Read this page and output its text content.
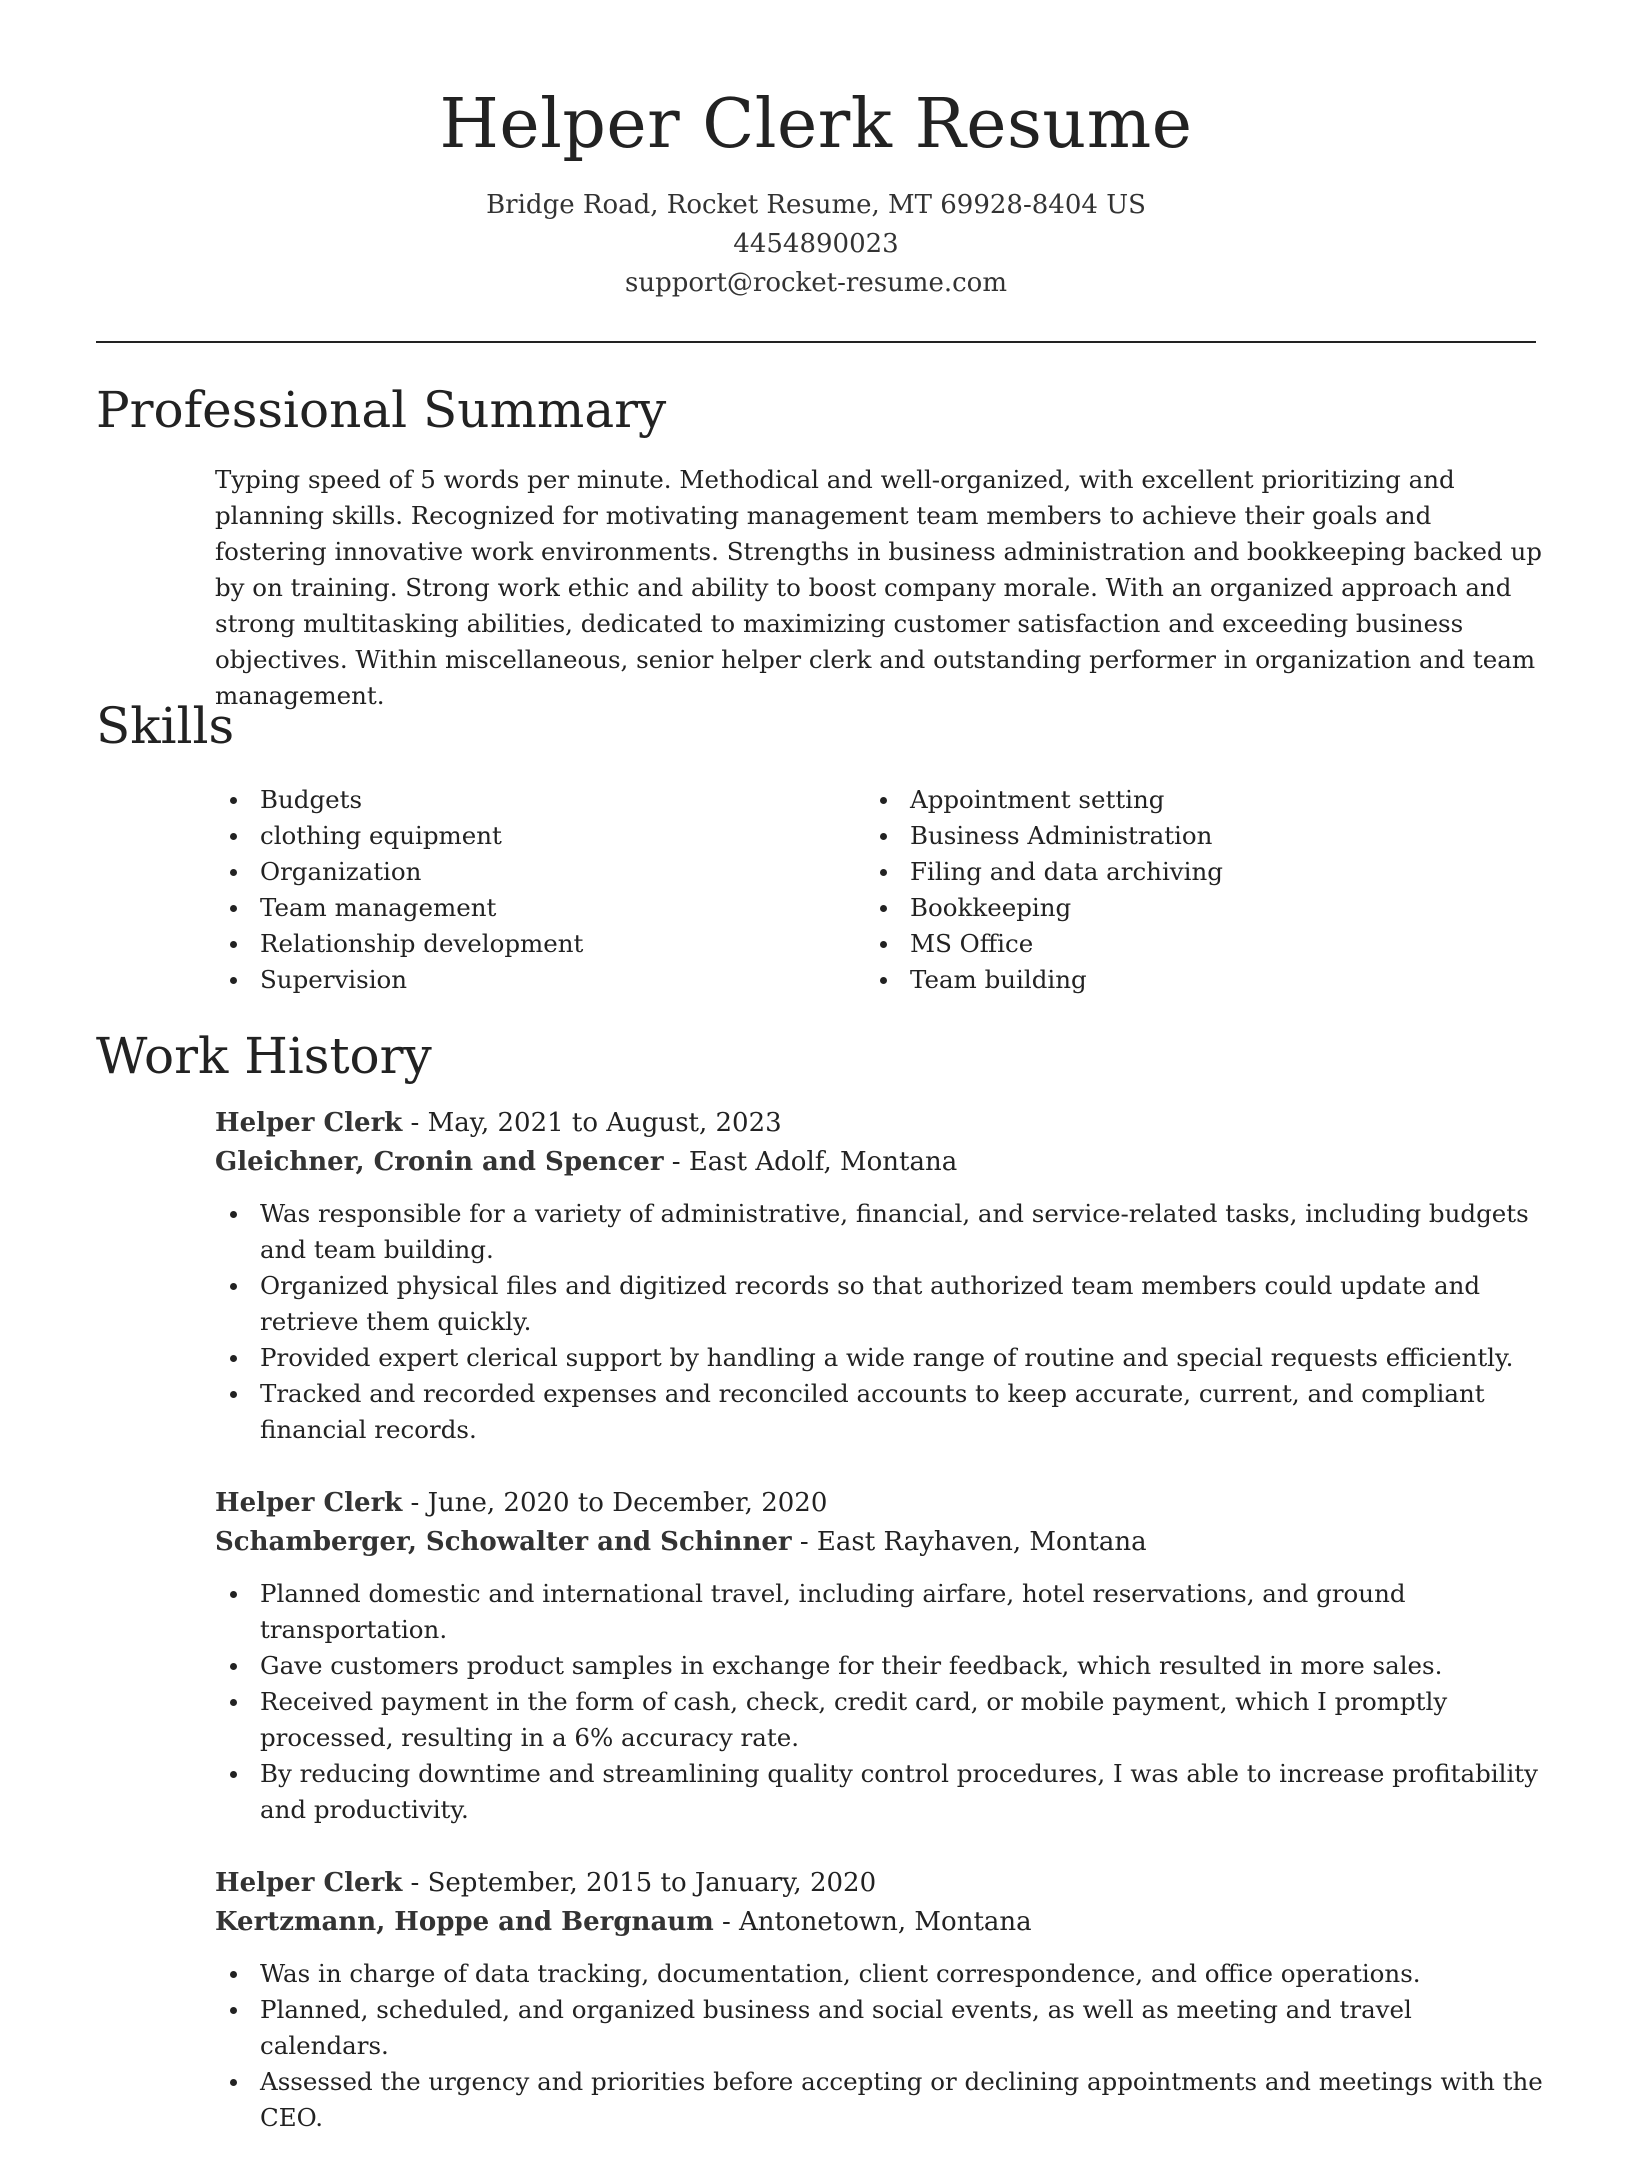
Helper Clerk Resume
Bridge Road, Rocket Resume, MT 69928-8404 US
4454890023
support@rocket-resume.com
Professional Summary

Typing speed of 5 words per minute. Methodical and well-organized, with excellent prioritizing and planning skills. Recognized for motivating management team members to achieve their goals and fostering innovative work environments. Strengths in business administration and bookkeeping backed up by on training. Strong work ethic and ability to boost company morale. With an organized approach and strong multitasking abilities, dedicated to maximizing customer satisfaction and exceeding business objectives. Within miscellaneous, senior helper clerk and outstanding performer in organization and team management.

Skills
Budgets
clothing equipment
Organization
Team management
Relationship development
Supervision
Appointment setting
Business Administration
Filing and data archiving
Bookkeeping
MS Office
Team building
Work History
Helper Clerk - May, 2021 to August, 2023
Gleichner, Cronin and Spencer - East Adolf, Montana
Was responsible for a variety of administrative, financial, and service-related tasks, including budgets and team building.
Organized physical files and digitized records so that authorized team members could update and retrieve them quickly.
Provided expert clerical support by handling a wide range of routine and special requests efficiently.
Tracked and recorded expenses and reconciled accounts to keep accurate, current, and compliant financial records.
Helper Clerk - June, 2020 to December, 2020
Schamberger, Schowalter and Schinner - East Rayhaven, Montana
Planned domestic and international travel, including airfare, hotel reservations, and ground transportation.
Gave customers product samples in exchange for their feedback, which resulted in more sales.
Received payment in the form of cash, check, credit card, or mobile payment, which I promptly processed, resulting in a 6% accuracy rate.
By reducing downtime and streamlining quality control procedures, I was able to increase profitability and productivity.
Helper Clerk - September, 2015 to January, 2020
Kertzmann, Hoppe and Bergnaum - Antonetown, Montana
Was in charge of data tracking, documentation, client correspondence, and office operations.
Planned, scheduled, and organized business and social events, as well as meeting and travel calendars.
Assessed the urgency and priorities before accepting or declining appointments and meetings with the CEO.
